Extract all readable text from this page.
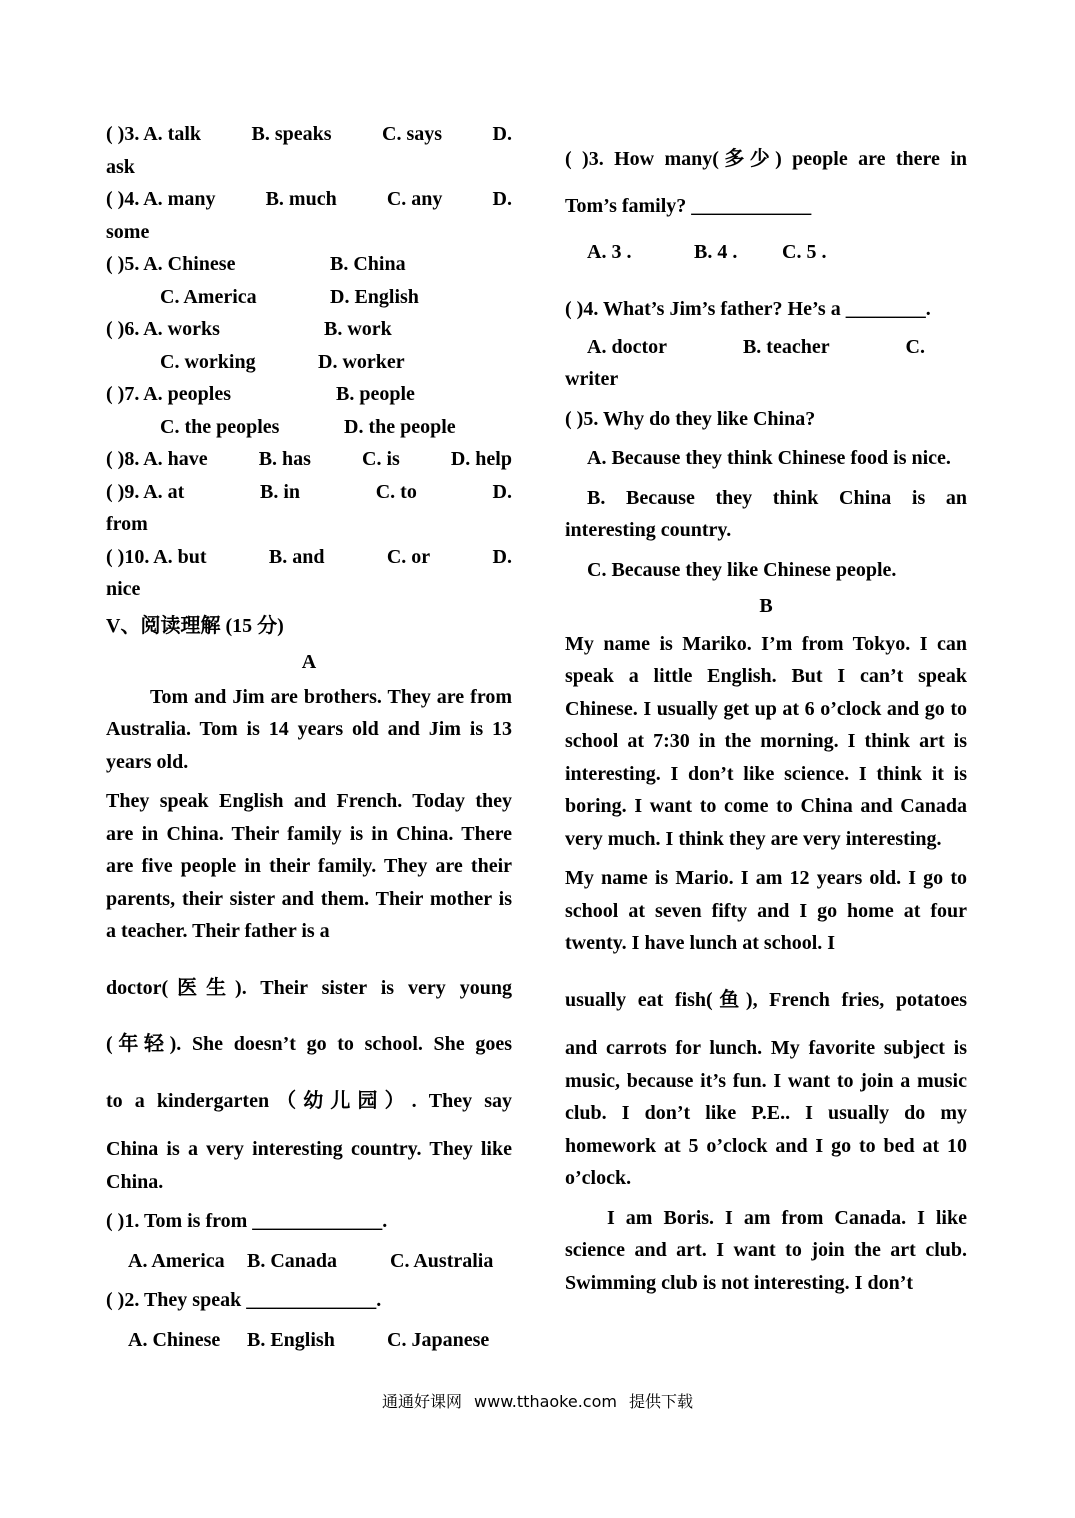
( )3. A. talk	B. speaks	C. says	D.
ask
( )4. A. many	B. much	C. any	D.
some
( )5. A. Chinese	B. China
C. America	D. English
( )6. A. works	B. work
C. working	D. worker
( )7. A. peoples	B. people
C. the peoples	D. the people
( )8. A. have	B. has	C. is	D. help
( )9. A. at	B. in	C. to	D.
from
( )10. A. but	B. and	C. or	D.
nice
V、阅读理解 (15 分)
A
Tom and Jim are brothers. They are from Australia. Tom is 14 years old and Jim is 13 years old.
They speak English and French. Today they are in China. Their family is in China. There are five people in their family. They are their parents, their sister and them. Their mother is a teacher. Their father is a
doctor(医生). Their sister is very young
(年轻). She doesn’t go to school. She goes
to a kindergarten（幼儿园）. They say
China is a very interesting country. They like China.
( )1. Tom is from _____________.
A. America	B. Canada	C. Australia
( )2. They speak _____________.
A. Chinese	B. English	C. Japanese
( )3. How many(多少) people are there in Tom’s family? ____________
A. 3 .	B. 4 .	C. 5 .
( )4. What’s Jim’s father? He’s a ________.
A. doctor	B. teacher	C.
writer
( )5. Why do they like China?
A. Because they think Chinese food is nice.
B. Because they think China is an interesting country.
C. Because they like Chinese people.
B
My name is Mariko. I’m from Tokyo. I can speak a little English. But I can’t speak Chinese. I usually get up at 6 o’clock and go to school at 7:30 in the morning. I think art is interesting. I don’t like science. I think it is boring. I want to come to China and Canada very much. I think they are very interesting.
My name is Mario. I am 12 years old. I go to school at seven fifty and I go home at four twenty. I have lunch at school. I
usually eat fish(鱼), French fries, potatoes
and carrots for lunch. My favorite subject is music, because it’s fun. I want to join a music club. I don’t like P.E.. I usually do my homework at 5 o’clock and I go to bed at 10 o’clock.
I am Boris. I am from Canada. I like science and art. I want to join the art club. Swimming club is not interesting. I don’t
通通好课网 www.tthaoke.com 提供下载
